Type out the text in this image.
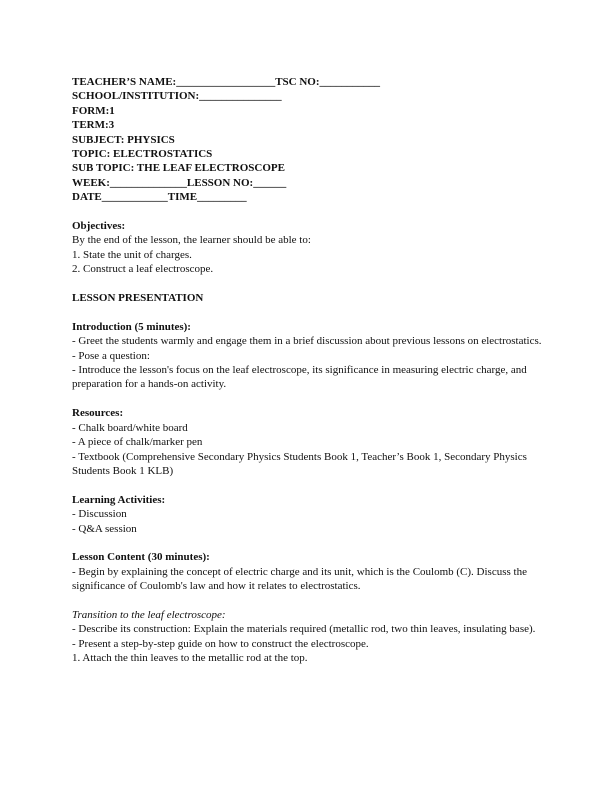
TEACHER’S NAME:__________________TSC NO:___________
SCHOOL/INSTITUTION:_______________
FORM:1
TERM:3
SUBJECT: PHYSICS
TOPIC: ELECTROSTATICS
SUB TOPIC: THE LEAF ELECTROSCOPE
WEEK:______________LESSON NO:______
DATE____________TIME_________
Objectives:
By the end of the lesson, the learner should be able to:
1. State the unit of charges.
2. Construct a leaf electroscope.
LESSON PRESENTATION
Introduction (5 minutes):
- Greet the students warmly and engage them in a brief discussion about previous lessons on electrostatics.
- Pose a question:
- Introduce the lesson's focus on the leaf electroscope, its significance in measuring electric charge, and preparation for a hands-on activity.
Resources:
- Chalk board/white board
- A piece of chalk/marker pen
- Textbook (Comprehensive Secondary Physics Students Book 1, Teacher’s Book 1, Secondary Physics Students Book 1 KLB)
Learning Activities:
- Discussion
- Q&A session
Lesson Content (30 minutes):
- Begin by explaining the concept of electric charge and its unit, which is the Coulomb (C). Discuss the significance of Coulomb's law and how it relates to electrostatics.
Transition to the leaf electroscope:
- Describe its construction: Explain the materials required (metallic rod, two thin leaves, insulating base).
- Present a step-by-step guide on how to construct the electroscope.
1. Attach the thin leaves to the metallic rod at the top.
